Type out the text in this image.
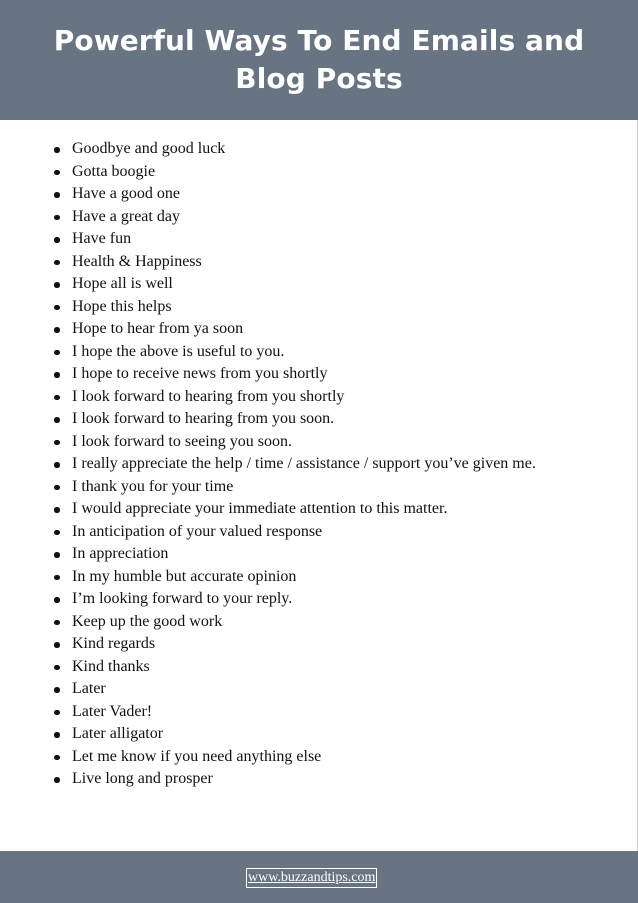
Powerful Ways To End Emails and Blog Posts
Goodbye and good luck
Gotta boogie
Have a good one
Have a great day
Have fun
Health & Happiness
Hope all is well
Hope this helps
Hope to hear from ya soon
I hope the above is useful to you.
I hope to receive news from you shortly
I look forward to hearing from you shortly
I look forward to hearing from you soon.
I look forward to seeing you soon.
I really appreciate the help / time / assistance / support you’ve given me.
I thank you for your time
I would appreciate your immediate attention to this matter.
In anticipation of your valued response
In appreciation
In my humble but accurate opinion
I’m looking forward to your reply.
Keep up the good work
Kind regards
Kind thanks
Later
Later Vader!
Later alligator
Let me know if you need anything else
Live long and prosper
www.buzzandtips.com
